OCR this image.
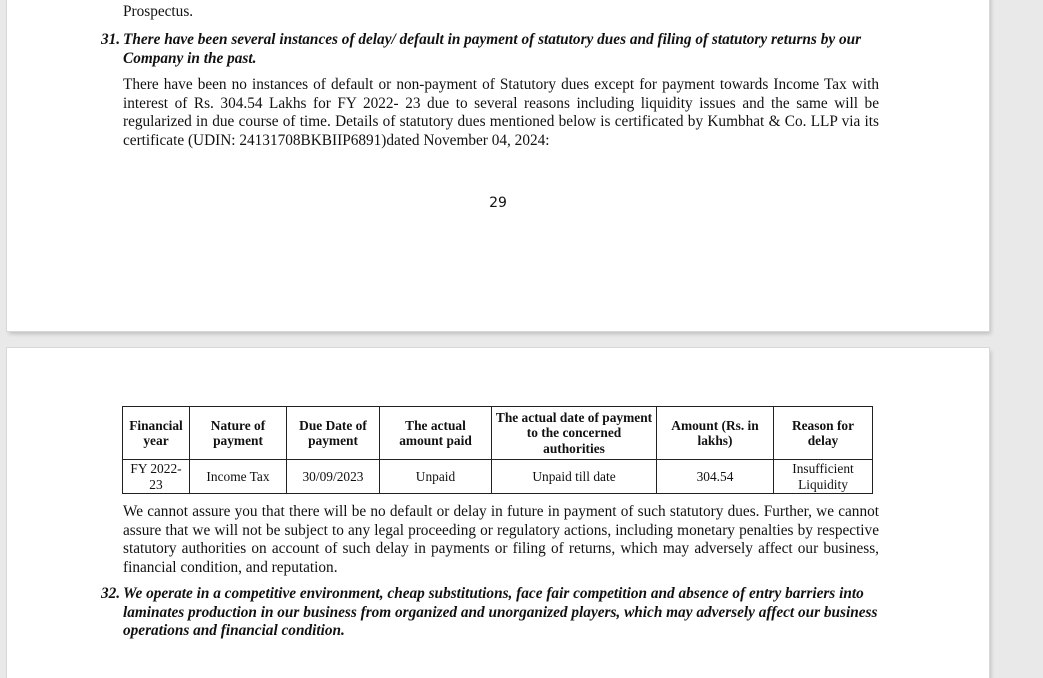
Prospectus.
31. There have been several instances of delay/ default in payment of statutory dues and filing of statutory returns by our Company in the past.
There have been no instances of default or non-payment of Statutory dues except for payment towards Income Tax with interest of Rs. 304.54 Lakhs for FY 2022- 23 due to several reasons including liquidity issues and the same will be regularized in due course of time. Details of statutory dues mentioned below is certificated by Kumbhat & Co. LLP via its certificate (UDIN: 24131708BKBIIP6891)dated November 04, 2024:
29
Financial year	Nature of payment	Due Date of payment	The actual amount paid	The actual date of payment to the concerned authorities	Amount (Rs. in lakhs)	Reason for delay
FY 2022-23	Income Tax	30/09/2023	Unpaid	Unpaid till date	304.54	Insufficient Liquidity
We cannot assure you that there will be no default or delay in future in payment of such statutory dues. Further, we cannot assure that we will not be subject to any legal proceeding or regulatory actions, including monetary penalties by respective statutory authorities on account of such delay in payments or filing of returns, which may adversely affect our business, financial condition, and reputation.
32. We operate in a competitive environment, cheap substitutions, face fair competition and absence of entry barriers into laminates production in our business from organized and unorganized players, which may adversely affect our business operations and financial condition.
